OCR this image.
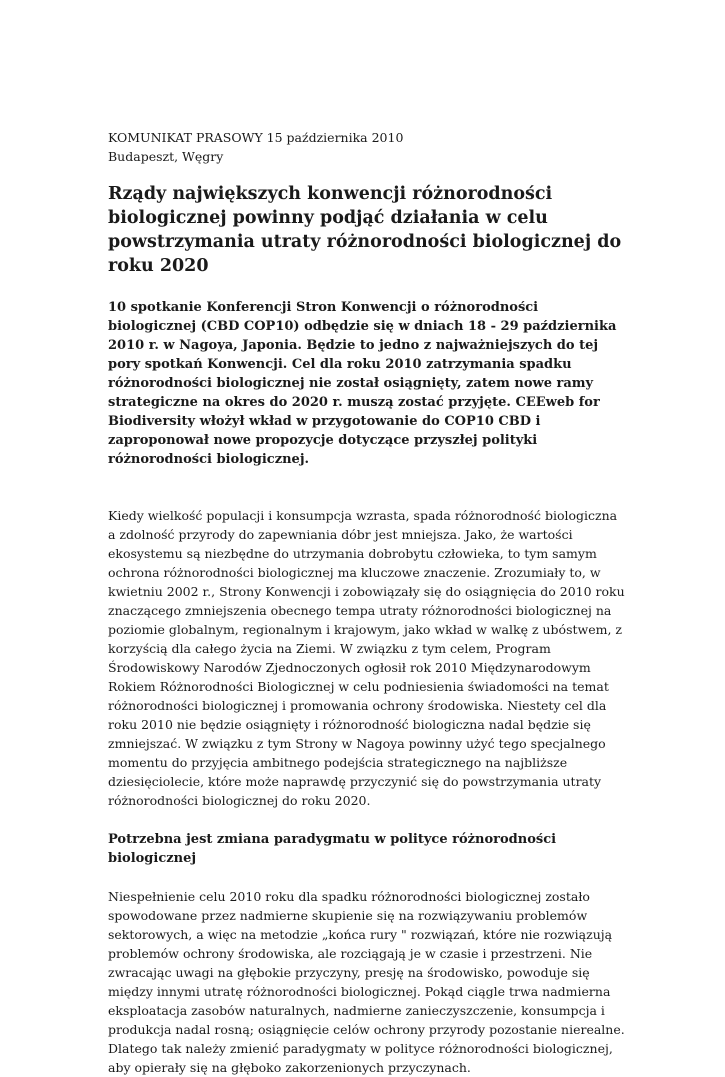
KOMUNIKAT PRASOWY 15 października 2010

Budapeszt, Węgry

Rządy największych konwencji różnorodności biologicznej powinny podjąć działania w celu powstrzymania utraty różnorodności biologicznej do roku 2020

10 spotkanie Konferencji Stron Konwencji o różnorodności biologicznej (CBD COP10) odbędzie się w dniach 18 - 29 października 2010 r. w Nagoya, Japonia. Będzie to jedno z najważniejszych do tej pory spotkań Konwencji. Cel dla roku 2010 zatrzymania spadku różnorodności biologicznej nie został osiągnięty, zatem nowe ramy strategiczne na okres do 2020 r. muszą zostać przyjęte. CEEweb for Biodiversity włożył wkład w przygotowanie do COP10 CBD i zaproponował nowe propozycje dotyczące przyszłej polityki różnorodności biologicznej.

Kiedy wielkość populacji i konsumpcja wzrasta, spada różnorodność biologiczna a zdolność przyrody do zapewniania dóbr jest mniejsza. Jako, że wartości ekosystemu są niezbędne do utrzymania dobrobytu człowieka, to tym samym ochrona różnorodności biologicznej ma kluczowe znaczenie. Zrozumiały to, w kwietniu 2002 r., Strony Konwencji i zobowiązały się do osiągnięcia do 2010 roku znaczącego zmniejszenia obecnego tempa utraty różnorodności biologicznej na poziomie globalnym, regionalnym i krajowym, jako wkład w walkę z ubóstwem, z korzyścią dla całego życia na Ziemi. W związku z tym celem, Program Środowiskowy Narodów Zjednoczonych ogłosił rok 2010 Międzynarodowym Rokiem Różnorodności Biologicznej w celu podniesienia świadomości na temat różnorodności biologicznej i promowania ochrony środowiska. Niestety cel dla roku 2010 nie będzie osiągnięty i różnorodność biologiczna nadal będzie się zmniejszać. W związku z tym Strony w Nagoya powinny użyć tego specjalnego momentu do przyjęcia ambitnego podejścia strategicznego na najbliższe dziesięciolecie, które może naprawdę przyczynić się do powstrzymania utraty różnorodności biologicznej do roku 2020.

Potrzebna jest zmiana paradygmatu w polityce różnorodności biologicznej

Niespełnienie celu 2010 roku dla spadku różnorodności biologicznej zostało spowodowane przez nadmierne skupienie się na rozwiązywaniu problemów sektorowych, a więc na metodzie „końca rury " rozwiązań, które nie rozwiązują problemów ochrony środowiska, ale rozciągają je w czasie i przestrzeni. Nie zwracając uwagi na głębokie przyczyny, presję na środowisko, powoduje się między innymi utratę różnorodności biologicznej. Pokąd ciągle trwa nadmierna eksploatacja zasobów naturalnych, nadmierne zanieczyszczenie, konsumpcja i produkcja nadal rosną; osiągnięcie celów ochrony przyrody pozostanie nierealne. Dlatego tak należy zmienić paradygmaty w polityce różnorodności biologicznej, aby opierały się na głęboko zakorzenionych przyczynach.
